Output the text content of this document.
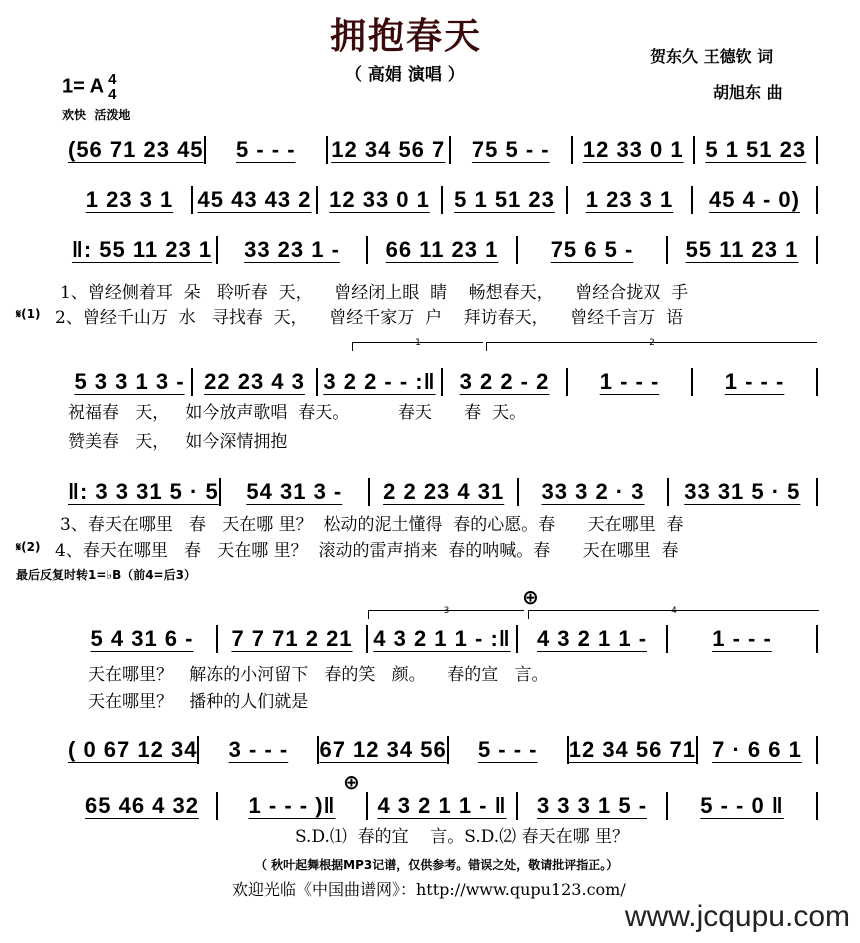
拥抱春天
（ 高娟 演唱 ）
贺东久 王德钦 词
胡旭东 曲
1= A 4
4
欢快  活泼地
(56 71 23 45	5 - - -	12 34 56 7	75 5 - -	12 33 0 1 5 1 51 23
1 23 3 1	45 43 43 2 12 33 0 1	5 1 51 23	1 23 3 1	45 4 - 0)
‖: 55 11 23 1	33 23 1 -	66 11 23 1	75 6 5 -	55 11 23 1
5 3 3 1 3 - 22 23 4 3 3 2 2 - - :‖	3 2 2 - 2	1 - - -	1 - - -
‖: 3 3 31 5 · 5	54 31 3 -	2 2 23 4 31	33 3 2 · 3	33 31 5 · 5
5 4 31 6 -	7 7 71 2 21 4 3 2 1 1 - :‖	4 3 2 1 1 -	1 - - -
( 0 67 12 34	3 - - -	67 12 34 56	5 - - -	12 34 56 71 7 · 6 6 1
65 46 4 32	1 - - - )‖	4 3 2 1 1 - ‖	3 3 3 1 5 -	5 - - 0 ‖
1	2
3	4
⊕
⊕
1、曾经侧着耳  朵   聆听春  天，    曾经闭上眼  睛    畅想春天，    曾经合拢双  手
𝄋(1) 2、曾经千山万  水   寻找春  天，    曾经千家万  户    拜访春天，    曾经千言万  语
祝福春   天，   如今放声歌唱  春天。         春天      春  天。
赞美春   天，   如今深情拥抱
3、春天在哪里   春   天在哪 里？  松动的泥土懂得  春的心愿。春      天在哪里  春
𝄋(2) 4、春天在哪里   春   天在哪 里？  滚动的雷声捎来  春的呐喊。春      天在哪里  春
最后反复时转1=♭B（前4=后3）
天在哪里？   解冻的小河留下   春的笑   颜。    春的宣   言。
天在哪里？   播种的人们就是
S.D.⑴  春的宜    言。S.D.⑵ 春天在哪 里？
（ 秋叶起舞根据MP3记谱，仅供参考。错误之处，敬请批评指正。）
欢迎光临《中国曲谱网》：http://www.qupu123.com/
www.jcqupu.com
